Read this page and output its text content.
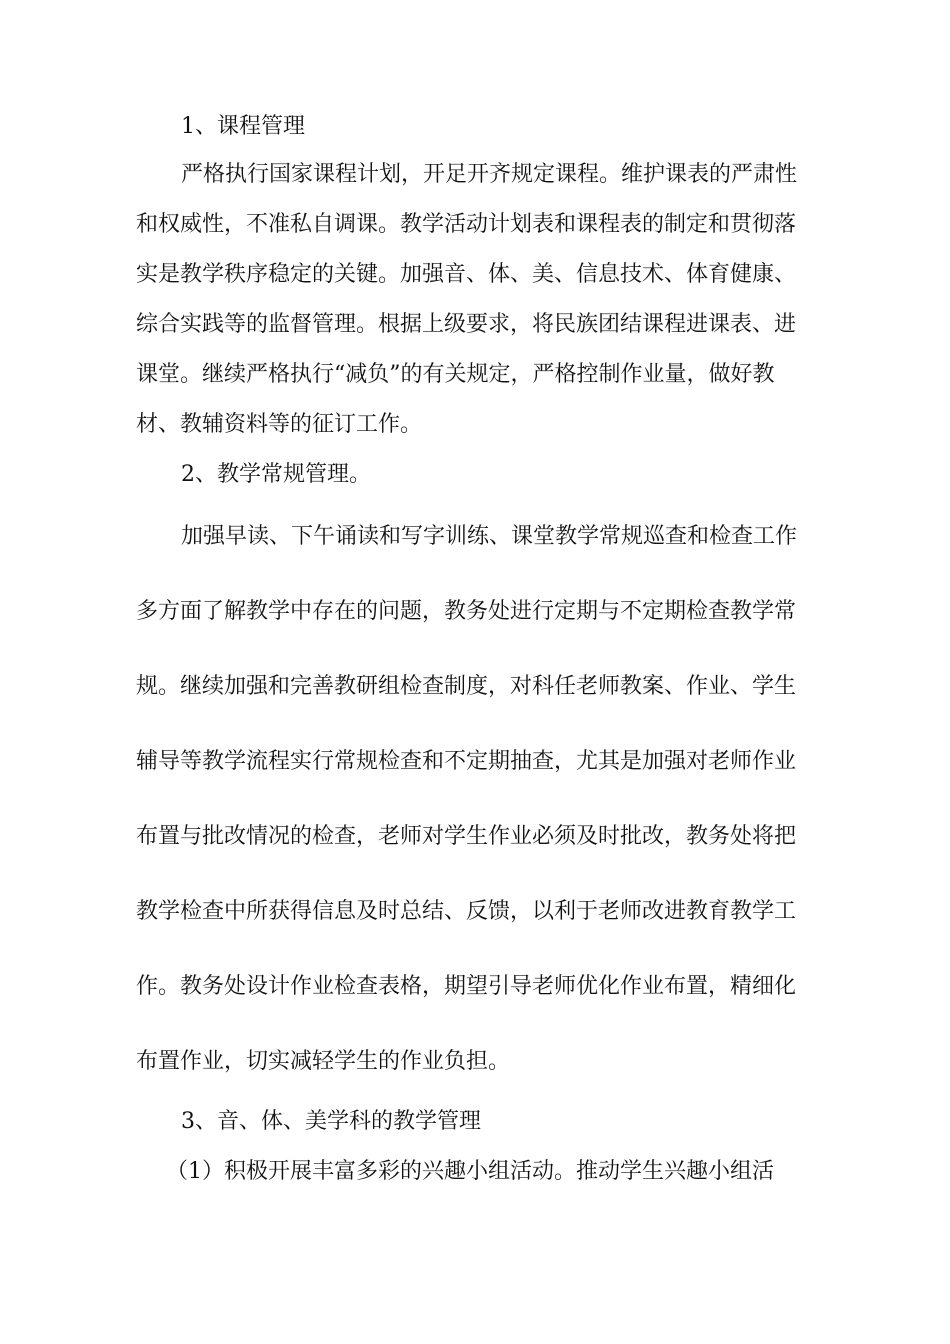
1、课程管理
严格执行国家课程计划，开足开齐规定课程。维护课表的严肃性
和权威性，不准私自调课。教学活动计划表和课程表的制定和贯彻落
实是教学秩序稳定的关键。加强音、体、美、信息技术、体育健康、
综合实践等的监督管理。根据上级要求，将民族团结课程进课表、进
课堂。继续严格执行“减负”的有关规定，严格控制作业量，做好教
材、教辅资料等的征订工作。
2、教学常规管理。
加强早读、下午诵读和写字训练、课堂教学常规巡查和检查工作
多方面了解教学中存在的问题，教务处进行定期与不定期检查教学常
规。继续加强和完善教研组检查制度，对科任老师教案、作业、学生
辅导等教学流程实行常规检查和不定期抽查，尤其是加强对老师作业
布置与批改情况的检查，老师对学生作业必须及时批改，教务处将把
教学检查中所获得信息及时总结、反馈，以利于老师改进教育教学工
作。教务处设计作业检查表格，期望引导老师优化作业布置，精细化
布置作业，切实减轻学生的作业负担。
3、音、体、美学科的教学管理
（1）积极开展丰富多彩的兴趣小组活动。推动学生兴趣小组活
